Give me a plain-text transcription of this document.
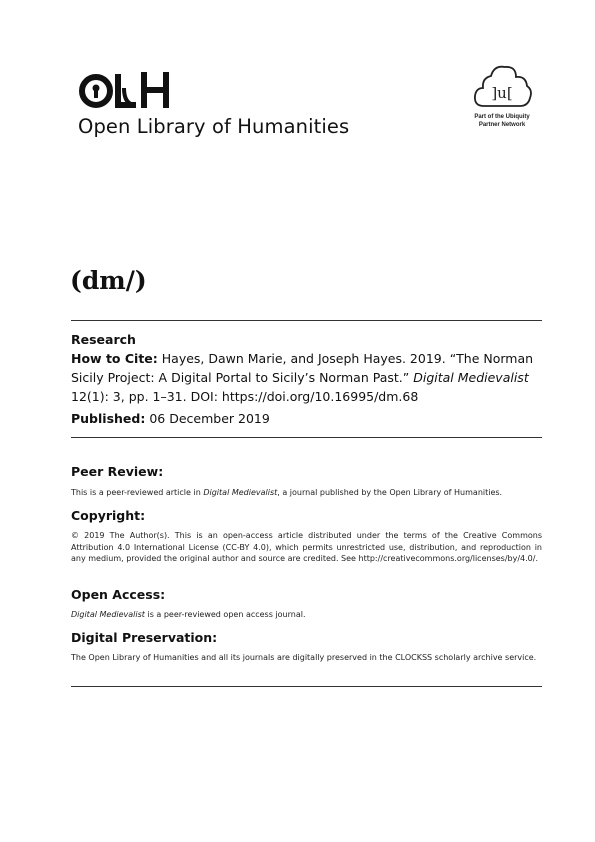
Open Library of Humanities
]u[
Part of the Ubiquity
Partner Network
(dm/)
Research
How to Cite: Hayes, Dawn Marie, and Joseph Hayes. 2019. “The Norman Sicily Project: A Digital Portal to Sicily’s Norman Past.” Digital Medievalist 12(1): 3, pp. 1–31. DOI: https://doi.org/10.16995/dm.68
Published: 06 December 2019
Peer Review:
This is a peer-reviewed article in Digital Medievalist, a journal published by the Open Library of Humanities.
Copyright:
© 2019 The Author(s). This is an open-access article distributed under the terms of the Creative Commons Attribution 4.0 International License (CC-BY 4.0), which permits unrestricted use, distribution, and reproduction in any medium, provided the original author and source are credited. See http://creativecommons.org/licenses/by/4.0/.
Open Access:
Digital Medievalist is a peer-reviewed open access journal.
Digital Preservation:
The Open Library of Humanities and all its journals are digitally preserved in the CLOCKSS scholarly archive service.
